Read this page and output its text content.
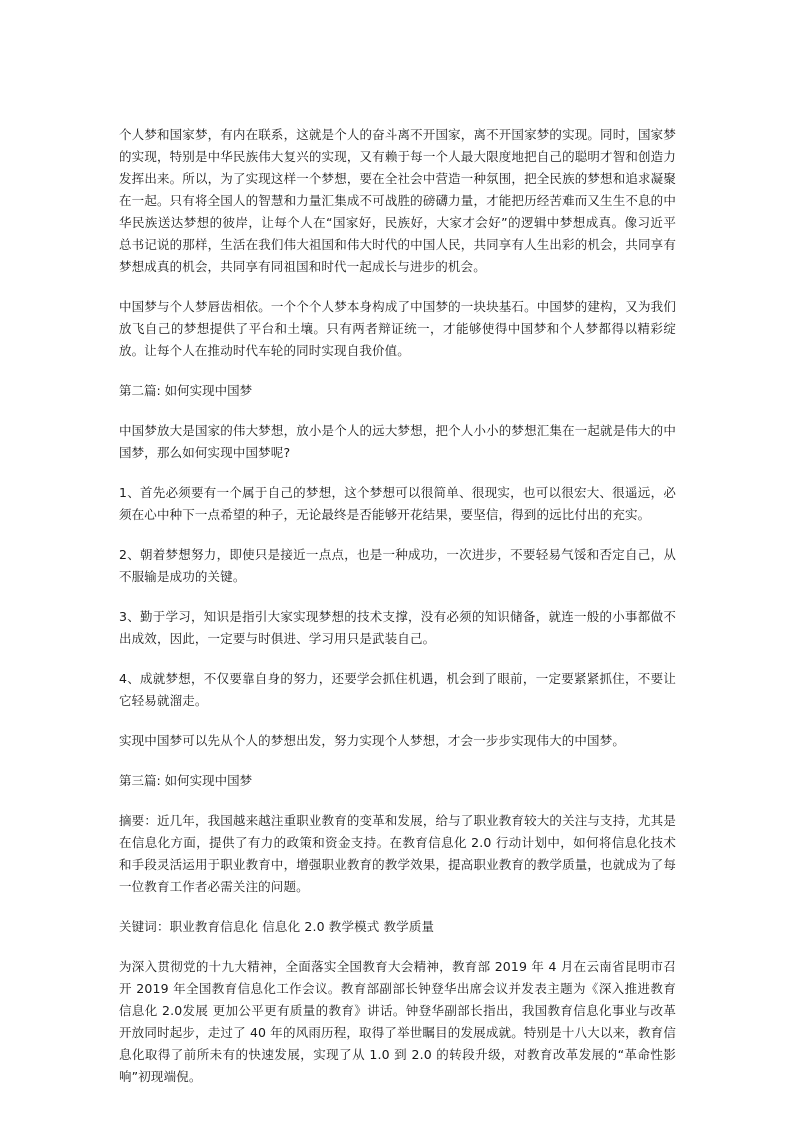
个人梦和国家梦，有内在联系，这就是个人的奋斗离不开国家，离不开国家梦的实现。同时，国家梦的实现，特别是中华民族伟大复兴的实现，又有赖于每一个人最大限度地把自己的聪明才智和创造力发挥出来。所以，为了实现这样一个梦想，要在全社会中营造一种氛围，把全民族的梦想和追求凝聚在一起。只有将全国人的智慧和力量汇集成不可战胜的磅礴力量，才能把历经苦难而又生生不息的中华民族送达梦想的彼岸，让每个人在“国家好，民族好，大家才会好”的逻辑中梦想成真。像习近平总书记说的那样，生活在我们伟大祖国和伟大时代的中国人民，共同享有人生出彩的机会，共同享有梦想成真的机会，共同享有同祖国和时代一起成长与进步的机会。

中国梦与个人梦唇齿相依。一个个个人梦本身构成了中国梦的一块块基石。中国梦的建构，又为我们放飞自己的梦想提供了平台和土壤。只有两者辩证统一，才能够使得中国梦和个人梦都得以精彩绽放。让每个人在推动时代车轮的同时实现自我价值。

第二篇: 如何实现中国梦

中国梦放大是国家的伟大梦想，放小是个人的远大梦想，把个人小小的梦想汇集在一起就是伟大的中国梦，那么如何实现中国梦呢?

1、首先必须要有一个属于自己的梦想，这个梦想可以很简单、很现实，也可以很宏大、很遥远，必须在心中种下一点希望的种子，无论最终是否能够开花结果，要坚信，得到的远比付出的充实。

2、朝着梦想努力，即使只是接近一点点，也是一种成功，一次进步，不要轻易气馁和否定自己，从不服输是成功的关键。

3、勤于学习，知识是指引大家实现梦想的技术支撑，没有必须的知识储备，就连一般的小事都做不出成效，因此，一定要与时俱进、学习用只是武装自己。

4、成就梦想，不仅要靠自身的努力，还要学会抓住机遇，机会到了眼前，一定要紧紧抓住，不要让它轻易就溜走。

实现中国梦可以先从个人的梦想出发，努力实现个人梦想，才会一步步实现伟大的中国梦。

第三篇: 如何实现中国梦

摘要：近几年，我国越来越注重职业教育的变革和发展，给与了职业教育较大的关注与支持，尤其是在信息化方面，提供了有力的政策和资金支持。在教育信息化 2.0 行动计划中，如何将信息化技术和手段灵活运用于职业教育中，增强职业教育的教学效果，提高职业教育的教学质量，也就成为了每一位教育工作者必需关注的问题。

关键词：职业教育信息化 信息化 2.0 教学模式 教学质量

为深入贯彻党的十九大精神，全面落实全国教育大会精神，教育部 2019 年 4 月在云南省昆明市召开 2019 年全国教育信息化工作会议。教育部副部长钟登华出席会议并发表主题为《深入推进教育信息化 2.0发展 更加公平更有质量的教育》讲话。钟登华副部长指出，我国教育信息化事业与改革开放同时起步，走过了 40 年的风雨历程，取得了举世瞩目的发展成就。特别是十八大以来，教育信息化取得了前所未有的快速发展，实现了从 1.0 到 2.0 的转段升级，对教育改革发展的“革命性影响”初现端倪。
